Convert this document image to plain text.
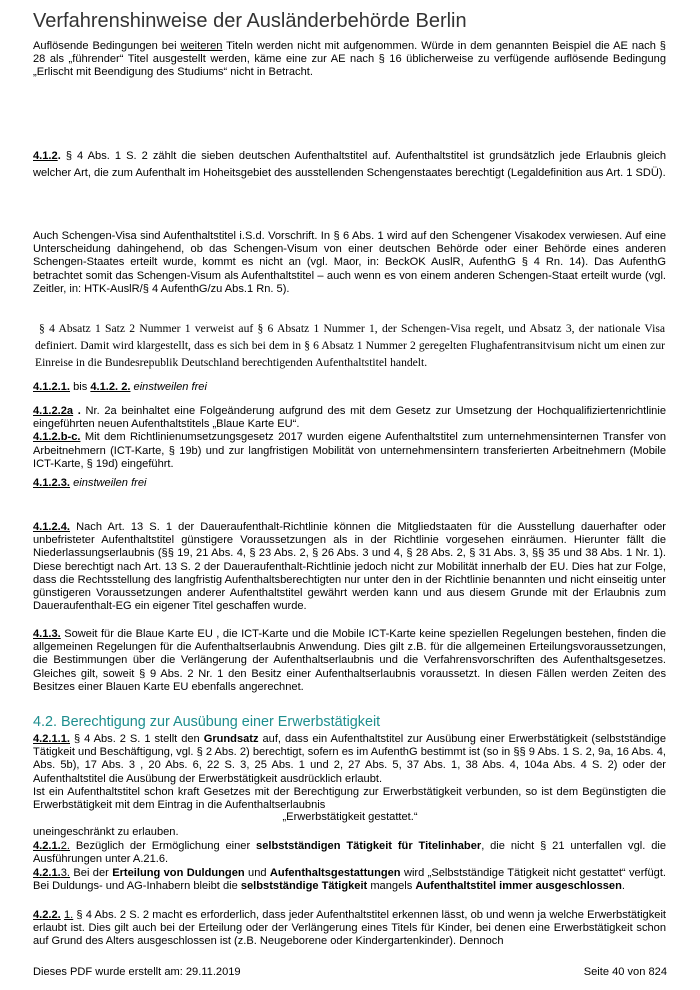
Verfahrenshinweise der Ausländerbehörde Berlin

Auflösende Bedingungen bei weiteren Titeln werden nicht mit aufgenommen. Würde in dem genannten Beispiel die AE nach § 28 als „führender“ Titel ausgestellt werden, käme eine zur AE nach § 16 üblicherweise zu verfügende auflösende Bedingung „Erlischt mit Beendigung des Studiums“ nicht in Betracht.

4.1.2. § 4 Abs. 1 S. 2 zählt die sieben deutschen Aufenthaltstitel auf. Aufenthaltstitel ist grundsätzlich jede Erlaubnis gleich welcher Art, die zum Aufenthalt im Hoheitsgebiet des ausstellenden Schengenstaates berechtigt (Legaldefinition aus Art. 1 SDÜ).

Auch Schengen-Visa sind Aufenthaltstitel i.S.d. Vorschrift. In § 6 Abs. 1 wird auf den Schengener Visakodex verwiesen. Auf eine Unterscheidung dahingehend, ob das Schengen-Visum von einer deutschen Behörde oder einer Behörde eines anderen Schengen-Staates erteilt wurde, kommt es nicht an (vgl. Maor, in: BeckOK AuslR, AufenthG § 4 Rn. 14). Das AufenthG betrachtet somit das Schengen-Visum als Aufenthaltstitel – auch wenn es von einem anderen Schengen-Staat erteilt wurde (vgl. Zeitler, in: HTK-AuslR/§ 4 AufenthG/zu Abs.1 Rn. 5).

§ 4 Absatz 1 Satz 2 Nummer 1 verweist auf § 6 Absatz 1 Nummer 1, der Schengen-Visa regelt, und Absatz 3, der nationale Visa definiert. Damit wird klargestellt, dass es sich bei dem in § 6 Absatz 1 Nummer 2 geregelten Flughafentransitvisum nicht um einen zur Einreise in die Bundesrepublik Deutschland berechtigenden Aufenthaltstitel handelt.

4.1.2.1. bis 4.1.2. 2. einstweilen frei

4.1.2.2a . Nr. 2a beinhaltet eine Folgeänderung aufgrund des mit dem Gesetz zur Umsetzung der Hochqualifiziertenrichtlinie eingeführten neuen Aufenthaltstitels „Blaue Karte EU“.
4.1.2.b-c. Mit dem Richtlinienumsetzungsgesetz 2017 wurden eigene Aufenthaltstitel zum unternehmensinternen Transfer von Arbeitnehmern (ICT-Karte, § 19b) und zur langfristigen Mobilität von unternehmensintern transferierten Arbeitnehmern (Mobile ICT-Karte, § 19d) eingeführt.

4.1.2.3. einstweilen frei

4.1.2.4. Nach Art. 13 S. 1 der Daueraufenthalt-Richtlinie können die Mitgliedstaaten für die Ausstellung dauerhafter oder unbefristeter Aufenthaltstitel günstigere Voraussetzungen als in der Richtlinie vorgesehen einräumen. Hierunter fällt die Niederlassungserlaubnis (§§ 19, 21 Abs. 4, § 23 Abs. 2, § 26 Abs. 3 und 4, § 28 Abs. 2, § 31 Abs. 3, §§ 35 und 38 Abs. 1 Nr. 1). Diese berechtigt nach Art. 13 S. 2 der Daueraufenthalt-Richtlinie jedoch nicht zur Mobilität innerhalb der EU. Dies hat zur Folge, dass die Rechtsstellung des langfristig Aufenthaltsberechtigten nur unter den in der Richtlinie benannten und nicht einseitig unter günstigeren Voraussetzungen anderer Aufenthaltstitel gewährt werden kann und aus diesem Grunde mit der Erlaubnis zum Daueraufenthalt-EG ein eigener Titel geschaffen wurde.

4.1.3. Soweit für die Blaue Karte EU , die ICT-Karte und die Mobile ICT-Karte keine speziellen Regelungen bestehen, finden die allgemeinen Regelungen für die Aufenthaltserlaubnis Anwendung. Dies gilt z.B. für die allgemeinen Erteilungsvoraussetzungen, die Bestimmungen über die Verlängerung der Aufenthaltserlaubnis und die Verfahrensvorschriften des Aufenthaltsgesetzes. Gleiches gilt, soweit § 9 Abs. 2 Nr. 1 den Besitz einer Aufenthaltserlaubnis voraussetzt. In diesen Fällen werden Zeiten des Besitzes einer Blauen Karte EU ebenfalls angerechnet.

4.2. Berechtigung zur Ausübung einer Erwerbstätigkeit

4.2.1.1. § 4 Abs. 2 S. 1 stellt den Grundsatz auf, dass ein Aufenthaltstitel zur Ausübung einer Erwerbstätigkeit (selbstständige Tätigkeit und Beschäftigung, vgl. § 2 Abs. 2) berechtigt, sofern es im AufenthG bestimmt ist (so in §§ 9 Abs. 1 S. 2, 9a, 16 Abs. 4, Abs. 5b), 17 Abs. 3 , 20 Abs. 6, 22 S. 3, 25 Abs. 1 und 2, 27 Abs. 5, 37 Abs. 1, 38 Abs. 4, 104a Abs. 4 S. 2) oder der Aufenthaltstitel die Ausübung der Erwerbstätigkeit ausdrücklich erlaubt.
Ist ein Aufenthaltstitel schon kraft Gesetzes mit der Berechtigung zur Erwerbstätigkeit verbunden, so ist dem Begünstigten die Erwerbstätigkeit mit dem Eintrag in die Aufenthaltserlaubnis

„Erwerbstätigkeit gestattet.“

uneingeschränkt zu erlauben.

4.2.1.2. Bezüglich der Ermöglichung einer selbstständigen Tätigkeit für Titelinhaber, die nicht § 21 unterfallen vgl. die Ausführungen unter A.21.6.

4.2.1.3. Bei der Erteilung von Duldungen und Aufenthaltsgestattungen wird „Selbstständige Tätigkeit nicht gestattet“ verfügt. Bei Duldungs- und AG-Inhabern bleibt die selbstständige Tätigkeit mangels Aufenthaltstitel immer ausgeschlossen.

4.2.2. 1. § 4 Abs. 2 S. 2 macht es erforderlich, dass jeder Aufenthaltstitel erkennen lässt, ob und wenn ja welche Erwerbstätigkeit erlaubt ist. Dies gilt auch bei der Erteilung oder der Verlängerung eines Titels für Kinder, bei denen eine Erwerbstätigkeit schon auf Grund des Alters ausgeschlossen ist (z.B. Neugeborene oder Kindergartenkinder). Dennoch

Dieses PDF wurde erstellt am: 29.11.2019	Seite 40 von 824
